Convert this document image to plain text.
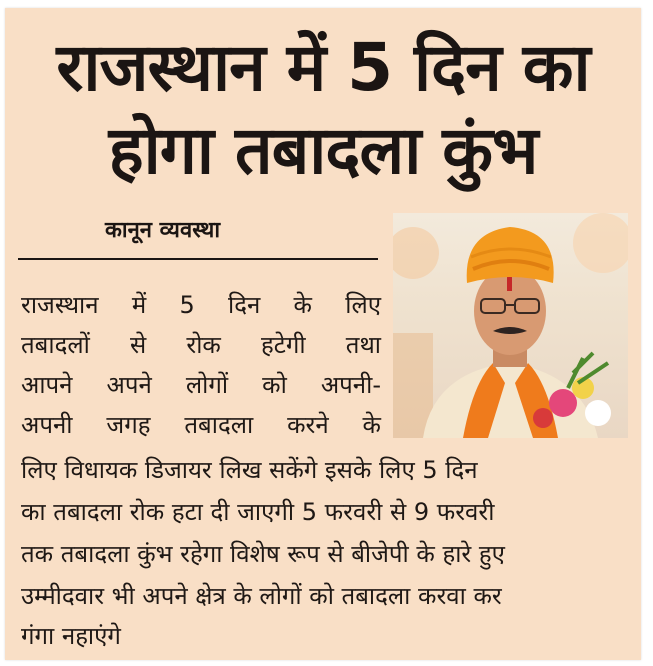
राजस्थान में 5 दिन का
होगा तबादला कुंभ
कानून व्यवस्था
राजस्थान में 5 दिन के लिए
तबादलों से रोक हटेगी तथा
आपने अपने लोगों को अपनी-
अपनी जगह तबादला करने के
लिए विधायक डिजायर लिख सकेंगे इसके लिए 5 दिन
का तबादला रोक हटा दी जाएगी 5 फरवरी से 9 फरवरी
तक तबादला कुंभ रहेगा विशेष रूप से बीजेपी के हारे हुए
उम्मीदवार भी अपने क्षेत्र के लोगों को तबादला करवा कर
गंगा नहाएंगे
